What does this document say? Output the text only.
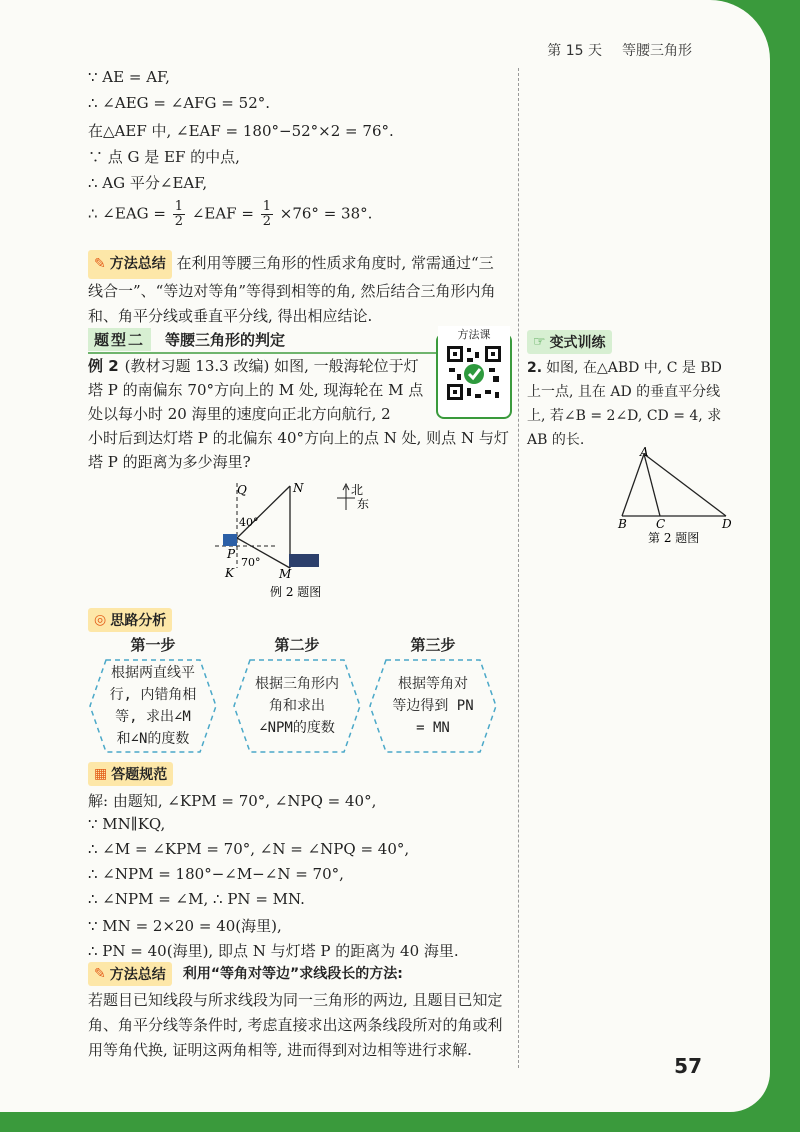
第 15 天 等腰三角形
∵ AE = AF,
∴ ∠AEG = ∠AFG = 52°.
在△AEF 中, ∠EAF = 180°−52°×2 = 76°.
∵ 点 G 是 EF 的中点,
∴ AG 平分∠EAF,
∴ ∠EAG = $\frac{1}{2}$ ∠EAF = $\frac{1}{2} \times 76^\circ = 38^\circ$.
✎ 方法总结 在利用等腰三角形的性质求角度时, 常需通过“三线合一”、“等边对等角”等得到相等的角, 然后结合三角形内角和、角平分线或垂直平分线, 得出相应结论.
题型二	等腰三角形的判定	方法课
例 2 (教材习题 13.3 改编) 如图, 一般海轮位于灯塔 P 的南偏东 70°方向上的 M 处, 现海轮在 M 点处以每小时 20 海里的速度向正北方向航行, 2
小时后到达灯塔 P 的北偏东 40°方向上的点 N 处, 则点 N 与灯塔 P 的距离为多少海里?
Q	N
P
K	M
40°
70°
北
东
例 2 题图
◎ 思路分析
第一步	第二步	第三步
根据两直线平行, 内错角相等, 求出∠M 和∠N的度数
根据三角形内角和求出∠NPM的度数
根据等角对等边得到 PN = MN
▦ 答题规范
解: 由题知, ∠KPM = 70°, ∠NPQ = 40°,
∵ MN∥KQ,
∴ ∠M = ∠KPM = 70°, ∠N = ∠NPQ = 40°,
∴ ∠NPM = 180°−∠M−∠N = 70°,
∴ ∠NPM = ∠M, ∴ PN = MN.
∵ MN = 2×20 = 40(海里),
∴ PN = 40(海里), 即点 N 与灯塔 P 的距离为 40 海里.
✎ 方法总结 利用“等角对等边”求线段长的方法:
若题目已知线段与所求线段为同一三角形的两边, 且题目已知定角、角平分线等条件时, 考虑直接求出这两条线段所对的角或利用等角代换, 证明这两角相等, 进而得到对边相等进行求解.
☞ 变式训练
2. 如图, 在△ABD 中, C 是 BD 上一点, 且在 AD 的垂直平分线上, 若∠B = 2∠D, CD = 4, 求 AB 的长.
A
B C	D
第 2 题图
57
